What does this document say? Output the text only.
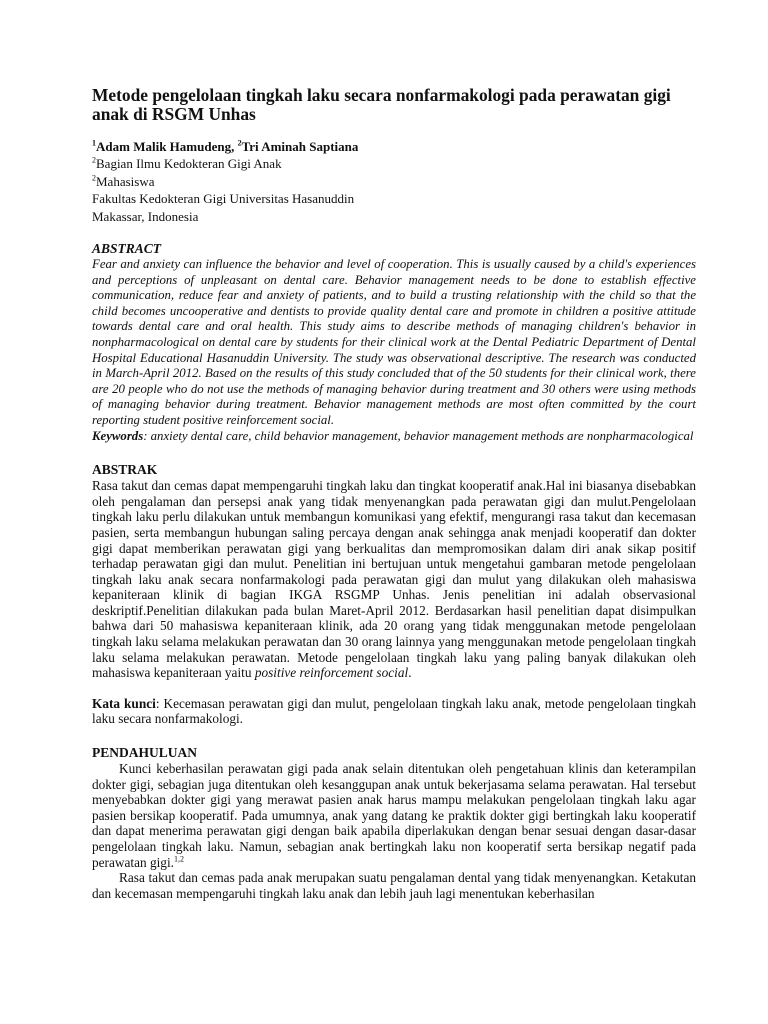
Metode pengelolaan tingkah laku secara nonfarmakologi pada perawatan gigi anak di RSGM Unhas
$^1$Adam Malik Hamudeng, $^2$Tri Aminah Saptiana
$^2$Bagian Ilmu Kedokteran Gigi Anak
$^2$Mahasiswa
Fakultas Kedokteran Gigi Universitas Hasanuddin
Makassar, Indonesia
ABSTRACT

Fear and anxiety can influence the behavior and level of cooperation. This is usually caused by a child's experiences and perceptions of unpleasant on dental care. Behavior management needs to be done to establish effective communication, reduce fear and anxiety of patients, and to build a trusting relationship with the child so that the child becomes uncooperative and dentists to provide quality dental care and promote in children a positive attitude towards dental care and oral health. This study aims to describe methods of managing children's behavior in nonpharmacological on dental care by students for their clinical work at the Dental Pediatric Department of Dental Hospital Educational Hasanuddin University. The study was observational descriptive. The research was conducted in March-April 2012. Based on the results of this study concluded that of the 50 students for their clinical work, there are 20 people who do not use the methods of managing behavior during treatment and 30 others were using methods of managing behavior during treatment. Behavior management methods are most often committed by the court reporting student positive reinforcement social.

Keywords: anxiety dental care, child behavior management, behavior management methods are nonpharmacological

ABSTRAK

Rasa takut dan cemas dapat mempengaruhi tingkah laku dan tingkat kooperatif anak.Hal ini biasanya disebabkan oleh pengalaman dan persepsi anak yang tidak menyenangkan pada perawatan gigi dan mulut.Pengelolaan tingkah laku perlu dilakukan untuk membangun komunikasi yang efektif, mengurangi rasa takut dan kecemasan pasien, serta membangun hubungan saling percaya dengan anak sehingga anak menjadi kooperatif dan dokter gigi dapat memberikan perawatan gigi yang berkualitas dan mempromosikan dalam diri anak sikap positif terhadap perawatan gigi dan mulut. Penelitian ini bertujuan untuk mengetahui gambaran metode pengelolaan tingkah laku anak secara nonfarmakologi pada perawatan gigi dan mulut yang dilakukan oleh mahasiswa kepaniteraan klinik di bagian IKGA RSGMP Unhas. Jenis penelitian ini adalah observasional deskriptif.Penelitian dilakukan pada bulan Maret-April 2012. Berdasarkan hasil penelitian dapat disimpulkan bahwa dari 50 mahasiswa kepaniteraan klinik, ada 20 orang yang tidak menggunakan metode pengelolaan tingkah laku selama melakukan perawatan dan 30 orang lainnya yang menggunakan metode pengelolaan tingkah laku selama melakukan perawatan. Metode pengelolaan tingkah laku yang paling banyak dilakukan oleh mahasiswa kepaniteraan yaitu positive reinforcement social.

Kata kunci: Kecemasan perawatan gigi dan mulut, pengelolaan tingkah laku anak, metode pengelolaan tingkah laku secara nonfarmakologi.

PENDAHULUAN

Kunci keberhasilan perawatan gigi pada anak selain ditentukan oleh pengetahuan klinis dan keterampilan dokter gigi, sebagian juga ditentukan oleh kesanggupan anak untuk bekerjasama selama perawatan. Hal tersebut menyebabkan dokter gigi yang merawat pasien anak harus mampu melakukan pengelolaan tingkah laku agar pasien bersikap kooperatif. Pada umumnya, anak yang datang ke praktik dokter gigi bertingkah laku kooperatif dan dapat menerima perawatan gigi dengan baik apabila diperlakukan dengan benar sesuai dengan dasar-dasar pengelolaan tingkah laku. Namun, sebagian anak bertingkah laku non kooperatif serta bersikap negatif pada perawatan gigi.$^{1,2}$

Rasa takut dan cemas pada anak merupakan suatu pengalaman dental yang tidak menyenangkan. Ketakutan dan kecemasan mempengaruhi tingkah laku anak dan lebih jauh lagi menentukan keberhasilan
